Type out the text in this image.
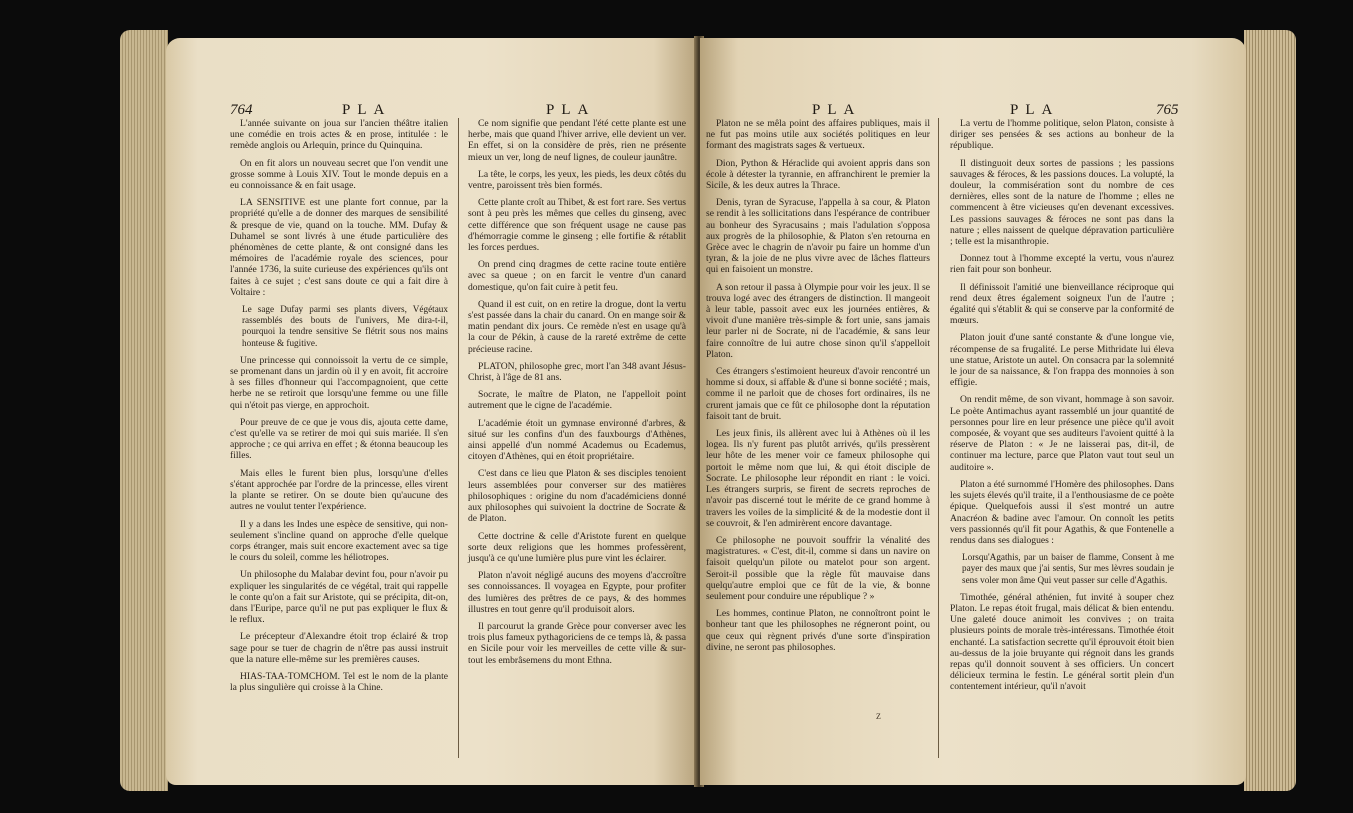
764	PLA	PLA

L'année suivante on joua sur l'ancien théâtre italien une comédie en trois actes & en prose, intitulée : le remède anglois ou Arlequin, prince du Quinquina.

On en fit alors un nouveau secret que l'on vendit une grosse somme à Louis XIV. Tout le monde depuis en a eu connoissance & en fait usage.

LA SENSITIVE est une plante fort connue, par la propriété qu'elle a de donner des marques de sensibilité & presque de vie, quand on la touche. MM. Dufay & Duhamel se sont livrés à une étude particulière des phénomènes de cette plante, & ont consigné dans les mémoires de l'académie royale des sciences, pour l'année 1736, la suite curieuse des expériences qu'ils ont faites à ce sujet ; c'est sans doute ce qui a fait dire à Voltaire :

Le sage Dufay parmi ses plants divers, Végétaux rassemblés des bouts de l'univers, Me dira-t-il, pourquoi la tendre sensitive Se flétrit sous nos mains honteuse & fugitive.

Une princesse qui connoissoit la vertu de ce simple, se promenant dans un jardin où il y en avoit, fit accroire à ses filles d'honneur qui l'accompagnoient, que cette herbe ne se retiroit que lorsqu'une femme ou une fille qui n'étoit pas vierge, en approchoit.

Pour preuve de ce que je vous dis, ajouta cette dame, c'est qu'elle va se retirer de moi qui suis mariée. Il s'en approche ; ce qui arriva en effet ; & étonna beaucoup les filles.

Mais elles le furent bien plus, lorsqu'une d'elles s'étant approchée par l'ordre de la princesse, elles virent la plante se retirer. On se doute bien qu'aucune des autres ne voulut tenter l'expérience.

Il y a dans les Indes une espèce de sensitive, qui non-seulement s'incline quand on approche d'elle quelque corps étranger, mais suit encore exactement avec sa tige le cours du soleil, comme les héliotropes.

Un philosophe du Malabar devint fou, pour n'avoir pu expliquer les singularités de ce végétal, trait qui rappelle le conte qu'on a fait sur Aristote, qui se précipita, dit-on, dans l'Euripe, parce qu'il ne put pas expliquer le flux & le reflux.

Le précepteur d'Alexandre étoit trop éclairé & trop sage pour se tuer de chagrin de n'être pas aussi instruit que la nature elle-même sur les premières causes.

HIAS-TAA-TOMCHOM. Tel est le nom de la plante la plus singulière qui croisse à la Chine.

Ce nom signifie que pendant l'été cette plante est une herbe, mais que quand l'hiver arrive, elle devient un ver. En effet, si on la considère de près, rien ne présente mieux un ver, long de neuf lignes, de couleur jaunâtre.

La tête, le corps, les yeux, les pieds, les deux côtés du ventre, paroissent très bien formés.

Cette plante croît au Thibet, & est fort rare. Ses vertus sont à peu près les mêmes que celles du ginseng, avec cette différence que son fréquent usage ne cause pas d'hémorragie comme le ginseng ; elle fortifie & rétablit les forces perdues.

On prend cinq dragmes de cette racine toute entière avec sa queue ; on en farcit le ventre d'un canard domestique, qu'on fait cuire à petit feu.

Quand il est cuit, on en retire la drogue, dont la vertu s'est passée dans la chair du canard. On en mange soir & matin pendant dix jours. Ce remède n'est en usage qu'à la cour de Pékin, à cause de la rareté extrême de cette précieuse racine.

PLATON, philosophe grec, mort l'an 348 avant Jésus-Christ, à l'âge de 81 ans.

Socrate, le maître de Platon, ne l'appelloit point autrement que le cigne de l'académie.

L'académie étoit un gymnase environné d'arbres, & situé sur les confins d'un des fauxbourgs d'Athènes, ainsi appellé d'un nommé Academus ou Ecademus, citoyen d'Athènes, qui en étoit propriétaire.

C'est dans ce lieu que Platon & ses disciples tenoient leurs assemblées pour converser sur des matières philosophiques : origine du nom d'académiciens donné aux philosophes qui suivoient la doctrine de Socrate & de Platon.

Cette doctrine & celle d'Aristote furent en quelque sorte deux religions que les hommes professèrent, jusqu'à ce qu'une lumière plus pure vint les éclairer.

Platon n'avoit négligé aucuns des moyens d'accroître ses connoissances. Il voyagea en Egypte, pour profiter des lumières des prêtres de ce pays, & des hommes illustres en tout genre qu'il produisoit alors.

Il parcourut la grande Grèce pour converser avec les trois plus fameux pythagoriciens de ce temps là, & passa en Sicile pour voir les merveilles de cette ville & sur-tout les embrâsemens du mont Ethna.

PLA	PLA	765

Platon ne se mêla point des affaires publiques, mais il ne fut pas moins utile aux sociétés politiques en leur formant des magistrats sages & vertueux.

Dion, Python & Héraclide qui avoient appris dans son école à détester la tyrannie, en affranchirent le premier la Sicile, & les deux autres la Thrace.

Denis, tyran de Syracuse, l'appella à sa cour, & Platon se rendit à les sollicitations dans l'espérance de contribuer au bonheur des Syracusains ; mais l'adulation s'opposa aux progrès de la philosophie, & Platon s'en retourna en Grèce avec le chagrin de n'avoir pu faire un homme d'un tyran, & la joie de ne plus vivre avec de lâches flatteurs qui en faisoient un monstre.

A son retour il passa à Olympie pour voir les jeux. Il se trouva logé avec des étrangers de distinction. Il mangeoit à leur table, passoit avec eux les journées entières, & vivoit d'une manière très-simple & fort unie, sans jamais leur parler ni de Socrate, ni de l'académie, & sans leur faire connoître de lui autre chose sinon qu'il s'appelloit Platon.

Ces étrangers s'estimoient heureux d'avoir rencontré un homme si doux, si affable & d'une si bonne société ; mais, comme il ne parloit que de choses fort ordinaires, ils ne crurent jamais que ce fût ce philosophe dont la réputation faisoit tant de bruit.

Les jeux finis, ils allèrent avec lui à Athènes où il les logea. Ils n'y furent pas plutôt arrivés, qu'ils pressèrent leur hôte de les mener voir ce fameux philosophe qui portoit le même nom que lui, & qui étoit disciple de Socrate. Le philosophe leur répondit en riant : le voici. Les étrangers surpris, se firent de secrets reproches de n'avoir pas discerné tout le mérite de ce grand homme à travers les voiles de la simplicité & de la modestie dont il se couvroit, & l'en admirèrent encore davantage.

Ce philosophe ne pouvoit souffrir la vénalité des magistratures. « C'est, dit-il, comme si dans un navire on faisoit quelqu'un pilote ou matelot pour son argent. Seroit-il possible que la règle fût mauvaise dans quelqu'autre emploi que ce fût de la vie, & bonne seulement pour conduire une république ? »

Les hommes, continue Platon, ne connoîtront point le bonheur tant que les philosophes ne régneront point, ou que ceux qui règnent privés d'une sorte d'inspiration divine, ne seront pas philosophes.

La vertu de l'homme politique, selon Platon, consiste à diriger ses pensées & ses actions au bonheur de la république.

Il distinguoit deux sortes de passions ; les passions sauvages & féroces, & les passions douces. La volupté, la douleur, la commisération sont du nombre de ces dernières, elles sont de la nature de l'homme ; elles ne commencent à être vicieuses qu'en devenant excessives. Les passions sauvages & féroces ne sont pas dans la nature ; elles naissent de quelque dépravation particulière ; telle est la misanthropie.

Donnez tout à l'homme excepté la vertu, vous n'aurez rien fait pour son bonheur.

Il définissoit l'amitié une bienveillance réciproque qui rend deux êtres également soigneux l'un de l'autre ; égalité qui s'établit & qui se conserve par la conformité de mœurs.

Platon jouit d'une santé constante & d'une longue vie, récompense de sa frugalité. Le perse Mithridate lui éleva une statue, Aristote un autel. On consacra par la solemnité le jour de sa naissance, & l'on frappa des monnoies à son effigie.

On rendit même, de son vivant, hommage à son savoir. Le poète Antimachus ayant rassemblé un jour quantité de personnes pour lire en leur présence une pièce qu'il avoit composée, & voyant que ses auditeurs l'avoient quitté à la réserve de Platon : « Je ne laisserai pas, dit-il, de continuer ma lecture, parce que Platon vaut tout seul un auditoire ».

Platon a été surnommé l'Homère des philosophes. Dans les sujets élevés qu'il traite, il a l'enthousiasme de ce poète épique. Quelquefois aussi il s'est montré un autre Anacréon & badine avec l'amour. On connoît les petits vers passionnés qu'il fit pour Agathis, & que Fontenelle a rendus dans ses dialogues :

Lorsqu'Agathis, par un baiser de flamme, Consent à me payer des maux que j'ai sentis, Sur mes lèvres soudain je sens voler mon âme Qui veut passer sur celle d'Agathis.

Timothée, général athénien, fut invité à souper chez Platon. Le repas étoit frugal, mais délicat & bien entendu. Une galeté douce animoit les convives ; on traita plusieurs points de morale très-intéressans. Timothée étoit enchanté. La satisfaction secrette qu'il éprouvoit étoit bien au-dessus de la joie bruyante qui régnoit dans les grands repas qu'il donnoit souvent à ses officiers. Un concert délicieux termina le festin. Le général sortit plein d'un contentement intérieur, qu'il n'avoit

Z
